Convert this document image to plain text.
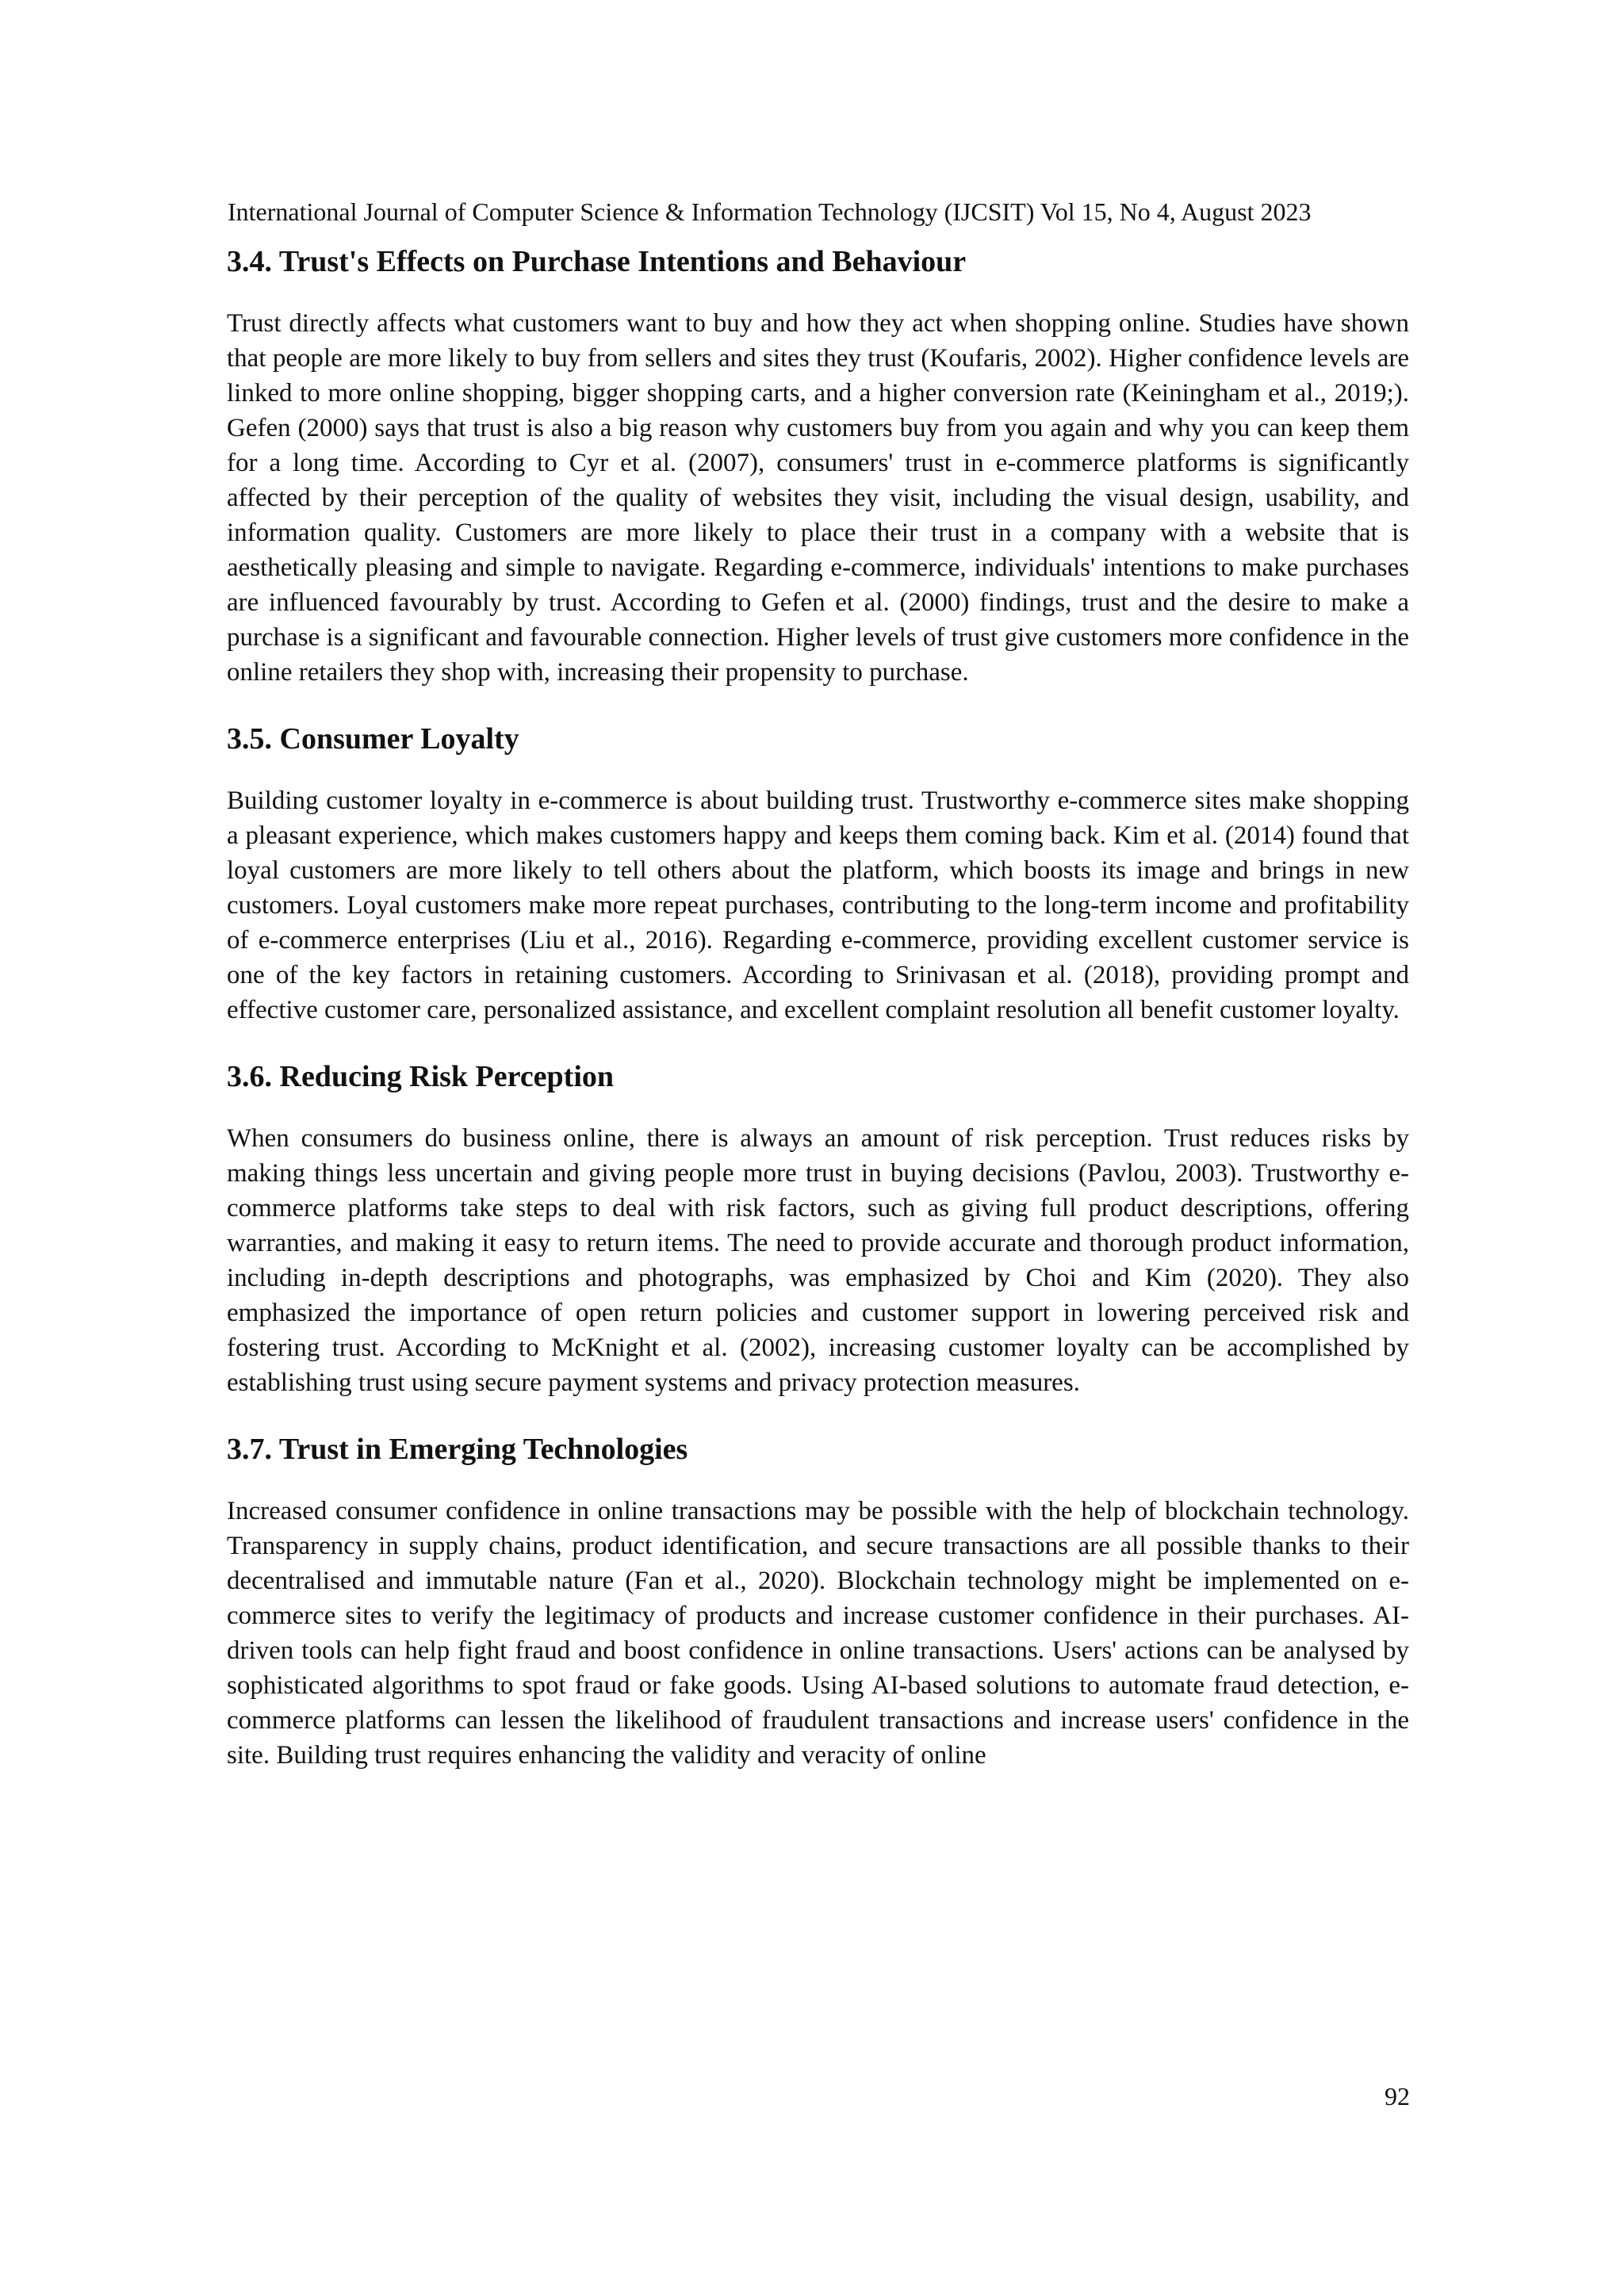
International Journal of Computer Science & Information Technology (IJCSIT) Vol 15, No 4, August 2023
3.4. Trust's Effects on Purchase Intentions and Behaviour

Trust directly affects what customers want to buy and how they act when shopping online. Studies have shown that people are more likely to buy from sellers and sites they trust (Koufaris, 2002). Higher confidence levels are linked to more online shopping, bigger shopping carts, and a higher conversion rate (Keiningham et al., 2019;). Gefen (2000) says that trust is also a big reason why customers buy from you again and why you can keep them for a long time. According to Cyr et al. (2007), consumers' trust in e-commerce platforms is significantly affected by their perception of the quality of websites they visit, including the visual design, usability, and information quality. Customers are more likely to place their trust in a company with a website that is aesthetically pleasing and simple to navigate. Regarding e-commerce, individuals' intentions to make purchases are influenced favourably by trust. According to Gefen et al. (2000) findings, trust and the desire to make a purchase is a significant and favourable connection. Higher levels of trust give customers more confidence in the online retailers they shop with, increasing their propensity to purchase.

3.5. Consumer Loyalty

Building customer loyalty in e-commerce is about building trust. Trustworthy e-commerce sites make shopping a pleasant experience, which makes customers happy and keeps them coming back. Kim et al. (2014) found that loyal customers are more likely to tell others about the platform, which boosts its image and brings in new customers. Loyal customers make more repeat purchases, contributing to the long-term income and profitability of e-commerce enterprises (Liu et al., 2016). Regarding e-commerce, providing excellent customer service is one of the key factors in retaining customers. According to Srinivasan et al. (2018), providing prompt and effective customer care, personalized assistance, and excellent complaint resolution all benefit customer loyalty.

3.6. Reducing Risk Perception

When consumers do business online, there is always an amount of risk perception. Trust reduces risks by making things less uncertain and giving people more trust in buying decisions (Pavlou, 2003). Trustworthy e-commerce platforms take steps to deal with risk factors, such as giving full product descriptions, offering warranties, and making it easy to return items. The need to provide accurate and thorough product information, including in-depth descriptions and photographs, was emphasized by Choi and Kim (2020). They also emphasized the importance of open return policies and customer support in lowering perceived risk and fostering trust. According to McKnight et al. (2002), increasing customer loyalty can be accomplished by establishing trust using secure payment systems and privacy protection measures.

3.7. Trust in Emerging Technologies

Increased consumer confidence in online transactions may be possible with the help of blockchain technology. Transparency in supply chains, product identification, and secure transactions are all possible thanks to their decentralised and immutable nature (Fan et al., 2020). Blockchain technology might be implemented on e-commerce sites to verify the legitimacy of products and increase customer confidence in their purchases. AI-driven tools can help fight fraud and boost confidence in online transactions. Users' actions can be analysed by sophisticated algorithms to spot fraud or fake goods. Using AI-based solutions to automate fraud detection, e-commerce platforms can lessen the likelihood of fraudulent transactions and increase users' confidence in the site. Building trust requires enhancing the validity and veracity of online

92
